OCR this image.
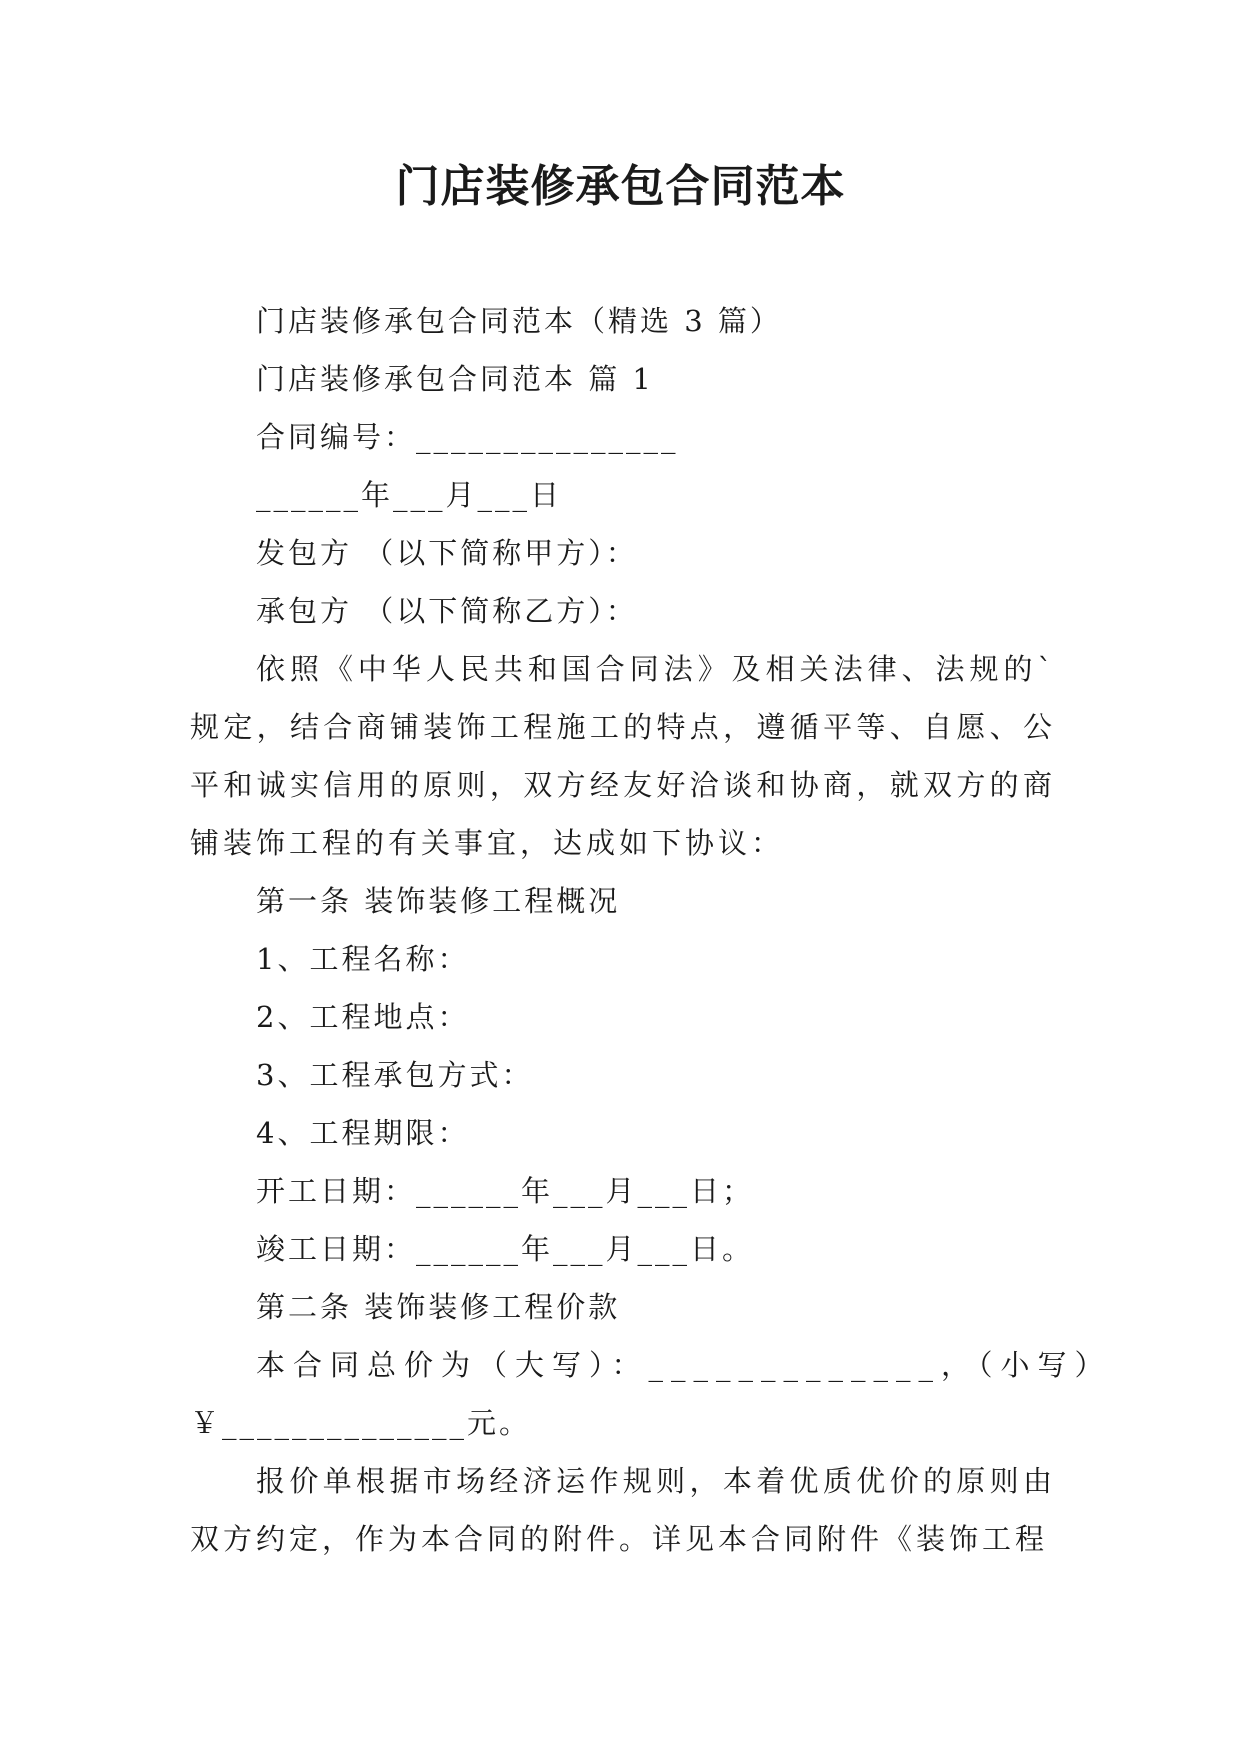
门店装修承包合同范本

门店装修承包合同范本（精选 3 篇）

门店装修承包合同范本 篇 1

合同编号：_______________

______年___月___日

发包方 （以下简称甲方）：

承包方 （以下简称乙方）：

依照《中华人民共和国合同法》及相关法律、法规的`规定，结合商铺装饰工程施工的特点，遵循平等、自愿、公平和诚实信用的原则，双方经友好洽谈和协商，就双方的商铺装饰工程的有关事宜，达成如下协议：

第一条 装饰装修工程概况

1、工程名称：

2、工程地点：

3、工程承包方式：

4、工程期限：

开工日期：______年___月___日；

竣工日期：______年___月___日。

第二条 装饰装修工程价款

本合同总价为（大写）：_____________，（小写）

￥______________元。

报价单根据市场经济运作规则，本着优质优价的原则由双方约定，作为本合同的附件。详见本合同附件《装饰工程
